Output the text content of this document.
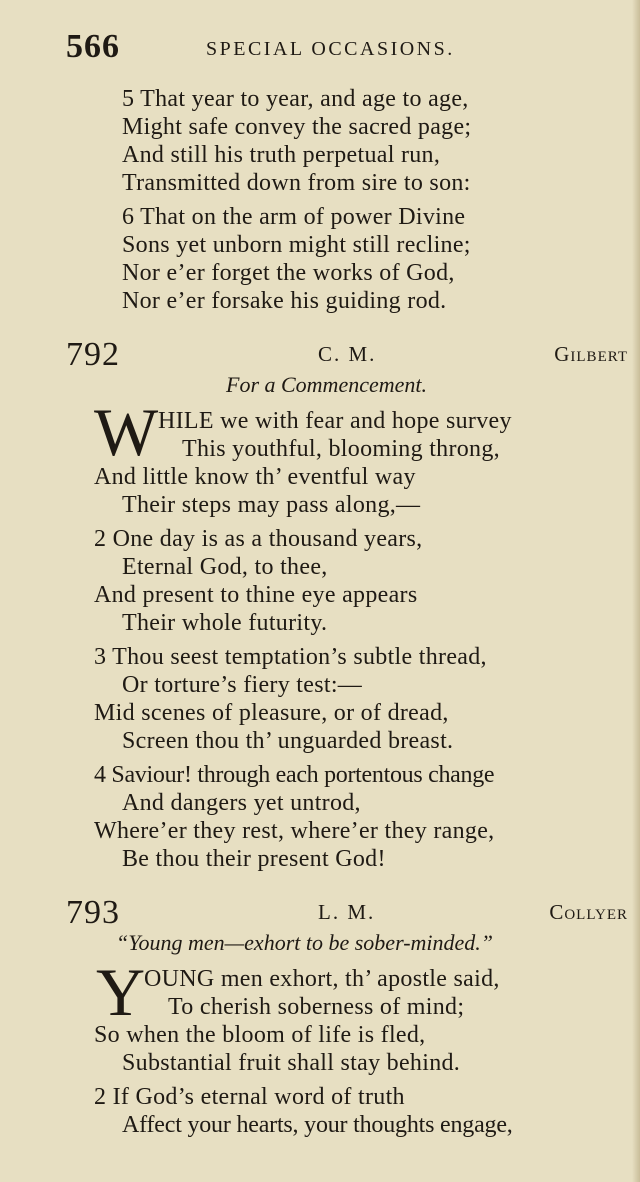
566	SPECIAL OCCASIONS.
5 That year to year, and age to age,
Might safe convey the sacred page;
And still his truth perpetual run,
Transmitted down from sire to son:
6 That on the arm of power Divine
Sons yet unborn might still recline;
Nor e’er forget the works of God,
Nor e’er forsake his guiding rod.
792	C. M.	Gilbert
For a Commencement.
W HILE we with fear and hope survey
This youthful, blooming throng,
And little know th’ eventful way
Their steps may pass along,—
2 One day is as a thousand years,
Eternal God, to thee,
And present to thine eye appears
Their whole futurity.
3 Thou seest temptation’s subtle thread,
Or torture’s fiery test:—
Mid scenes of pleasure, or of dread,
Screen thou th’ unguarded breast.
4 Saviour! through each portentous change
And dangers yet untrod,
Where’er they rest, where’er they range,
Be thou their present God!
793	L. M.	Collyer
“Young men—exhort to be sober-minded.”
Y
OUNG men exhort, th’ apostle said,
To cherish soberness of mind;
So when the bloom of life is fled,
Substantial fruit shall stay behind.
2 If God’s eternal word of truth
Affect your hearts, your thoughts engage,
